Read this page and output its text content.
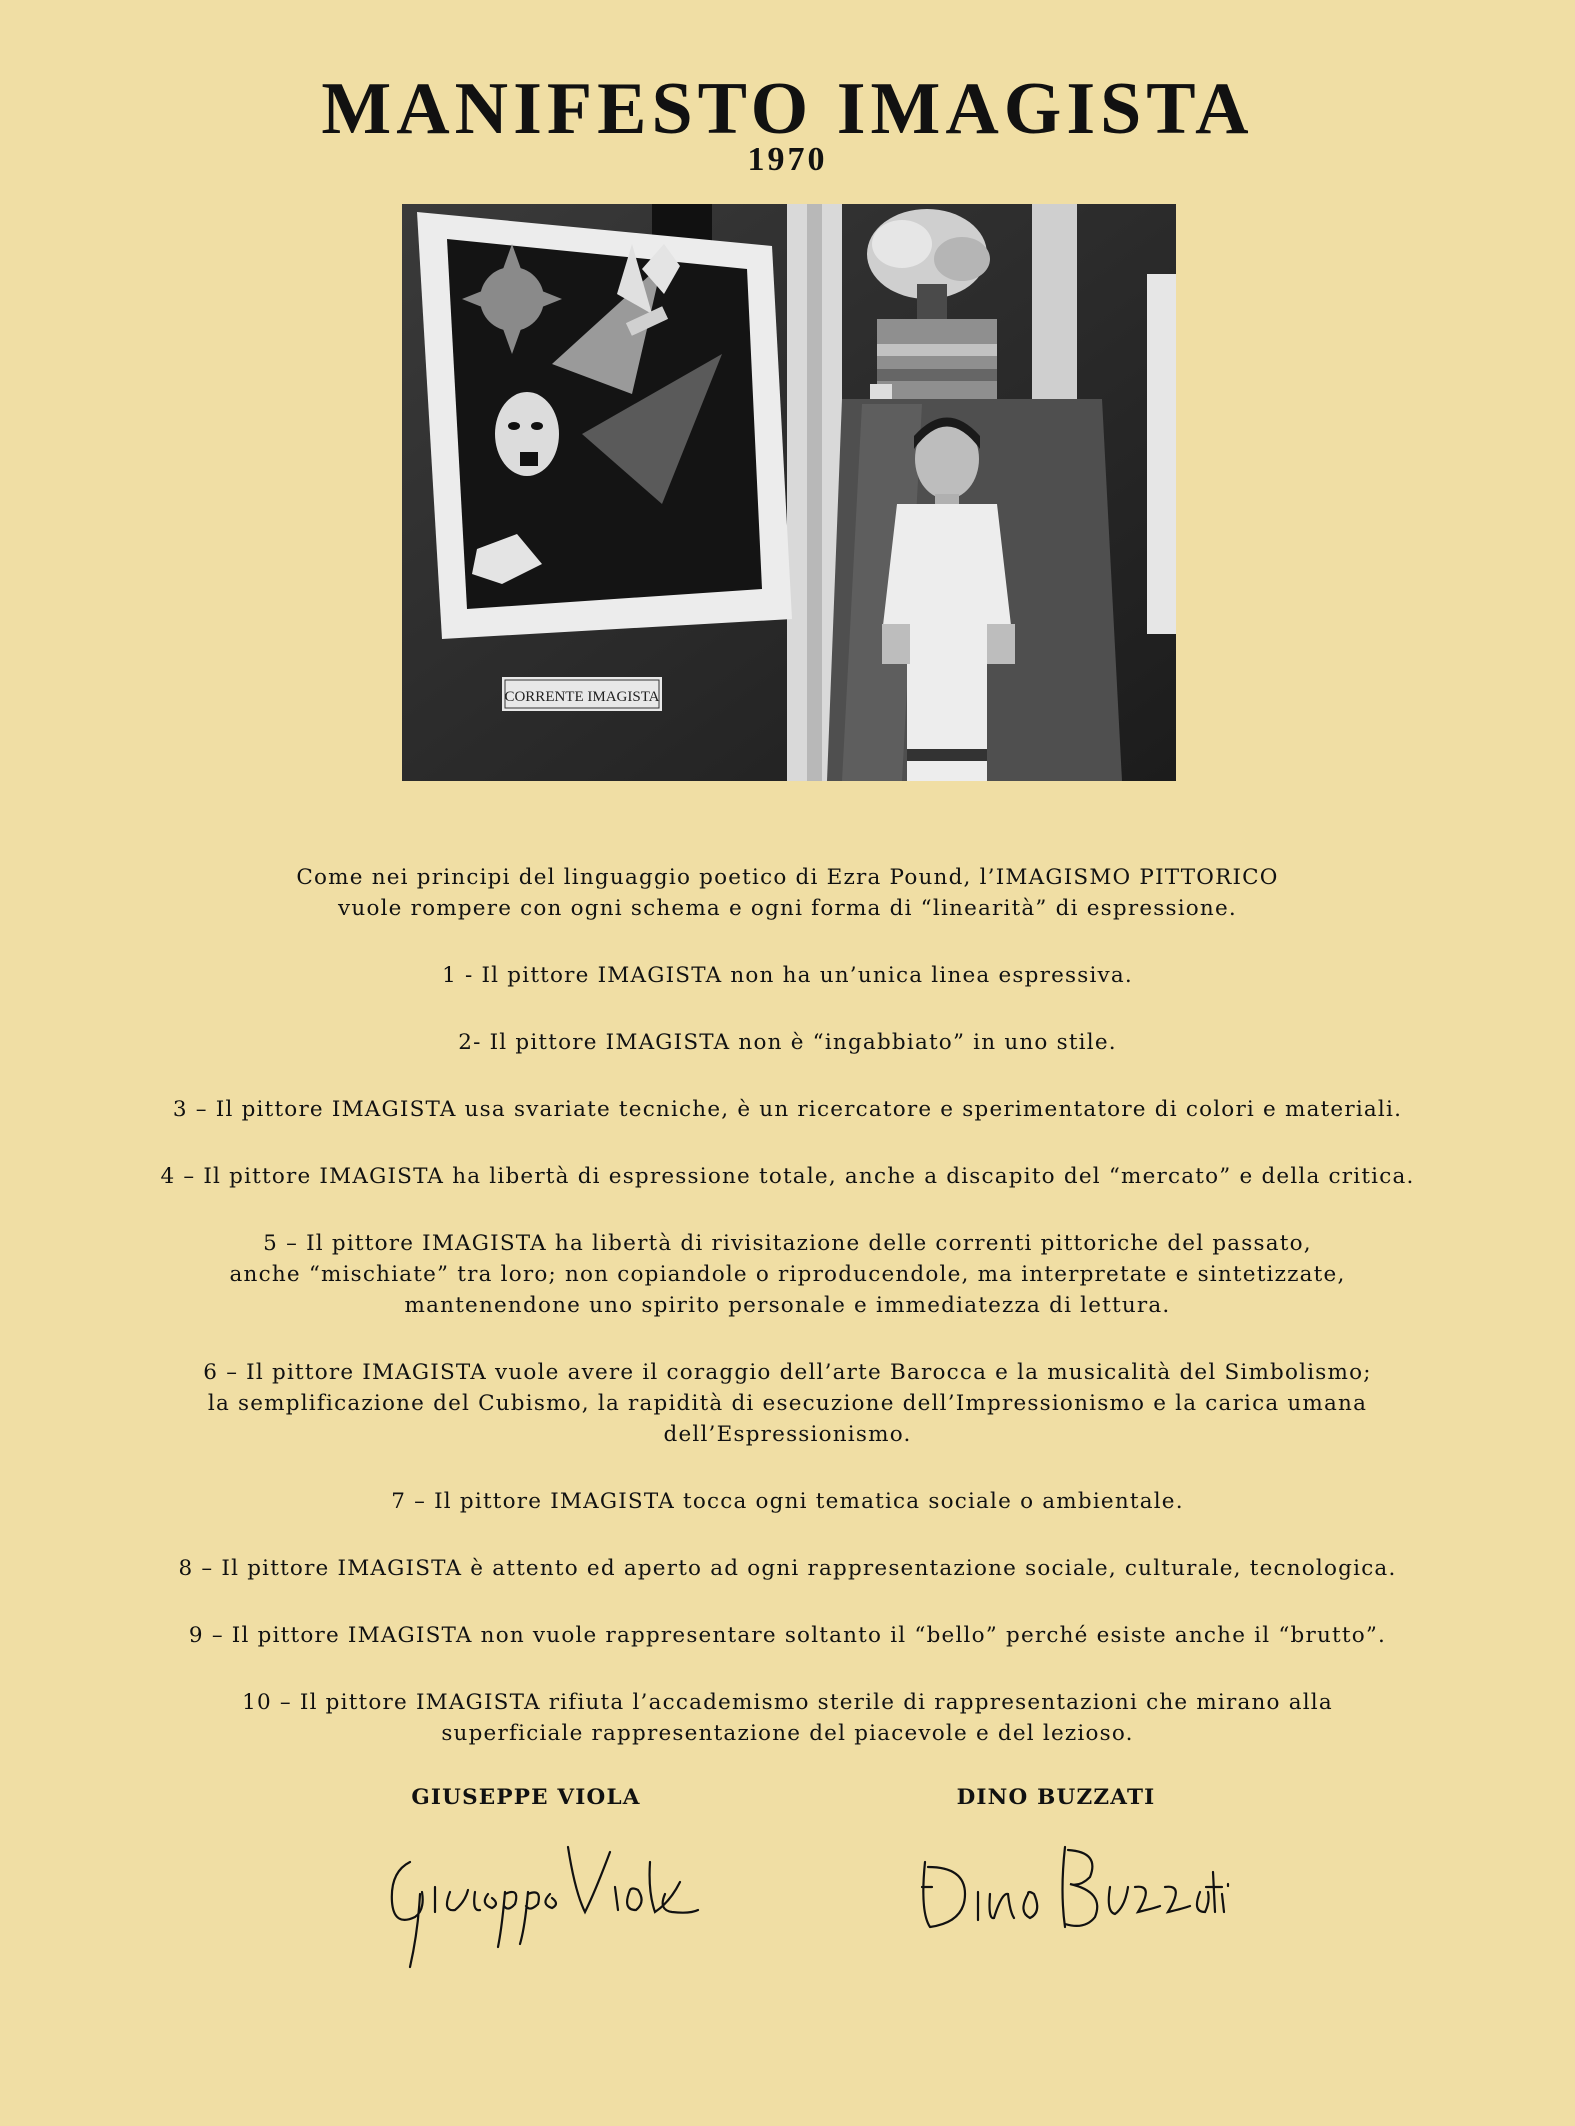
MANIFESTO IMAGISTA
1970
CORRENTE IMAGISTA

Come nei principi del linguaggio poetico di Ezra Pound, l’IMAGISMO PITTORICO
vuole rompere con ogni schema e ogni forma di “linearità” di espressione.

1 - Il pittore IMAGISTA non ha un’unica linea espressiva.

2- Il pittore IMAGISTA non è “ingabbiato” in uno stile.

3 – Il pittore IMAGISTA usa svariate tecniche, è un ricercatore e sperimentatore di colori e materiali.

4 – Il pittore IMAGISTA ha libertà di espressione totale, anche a discapito del “mercato” e della critica.

5 – Il pittore IMAGISTA ha libertà di rivisitazione delle correnti pittoriche del passato,
anche “mischiate” tra loro; non copiandole o riproducendole, ma interpretate e sintetizzate,
mantenendone uno spirito personale e immediatezza di lettura.

6 – Il pittore IMAGISTA vuole avere il coraggio dell’arte Barocca e la musicalità del Simbolismo;
la semplificazione del Cubismo, la rapidità di esecuzione dell’Impressionismo e la carica umana
dell’Espressionismo.

7 – Il pittore IMAGISTA tocca ogni tematica sociale o ambientale.

8 – Il pittore IMAGISTA è attento ed aperto ad ogni rappresentazione sociale, culturale, tecnologica.

9 – Il pittore IMAGISTA non vuole rappresentare soltanto il “bello” perché esiste anche il “brutto”.

10 – Il pittore IMAGISTA rifiuta l’accademismo sterile di rappresentazioni che mirano alla
superficiale rappresentazione del piacevole e del lezioso.

GIUSEPPE VIOLA	DINO BUZZATI
